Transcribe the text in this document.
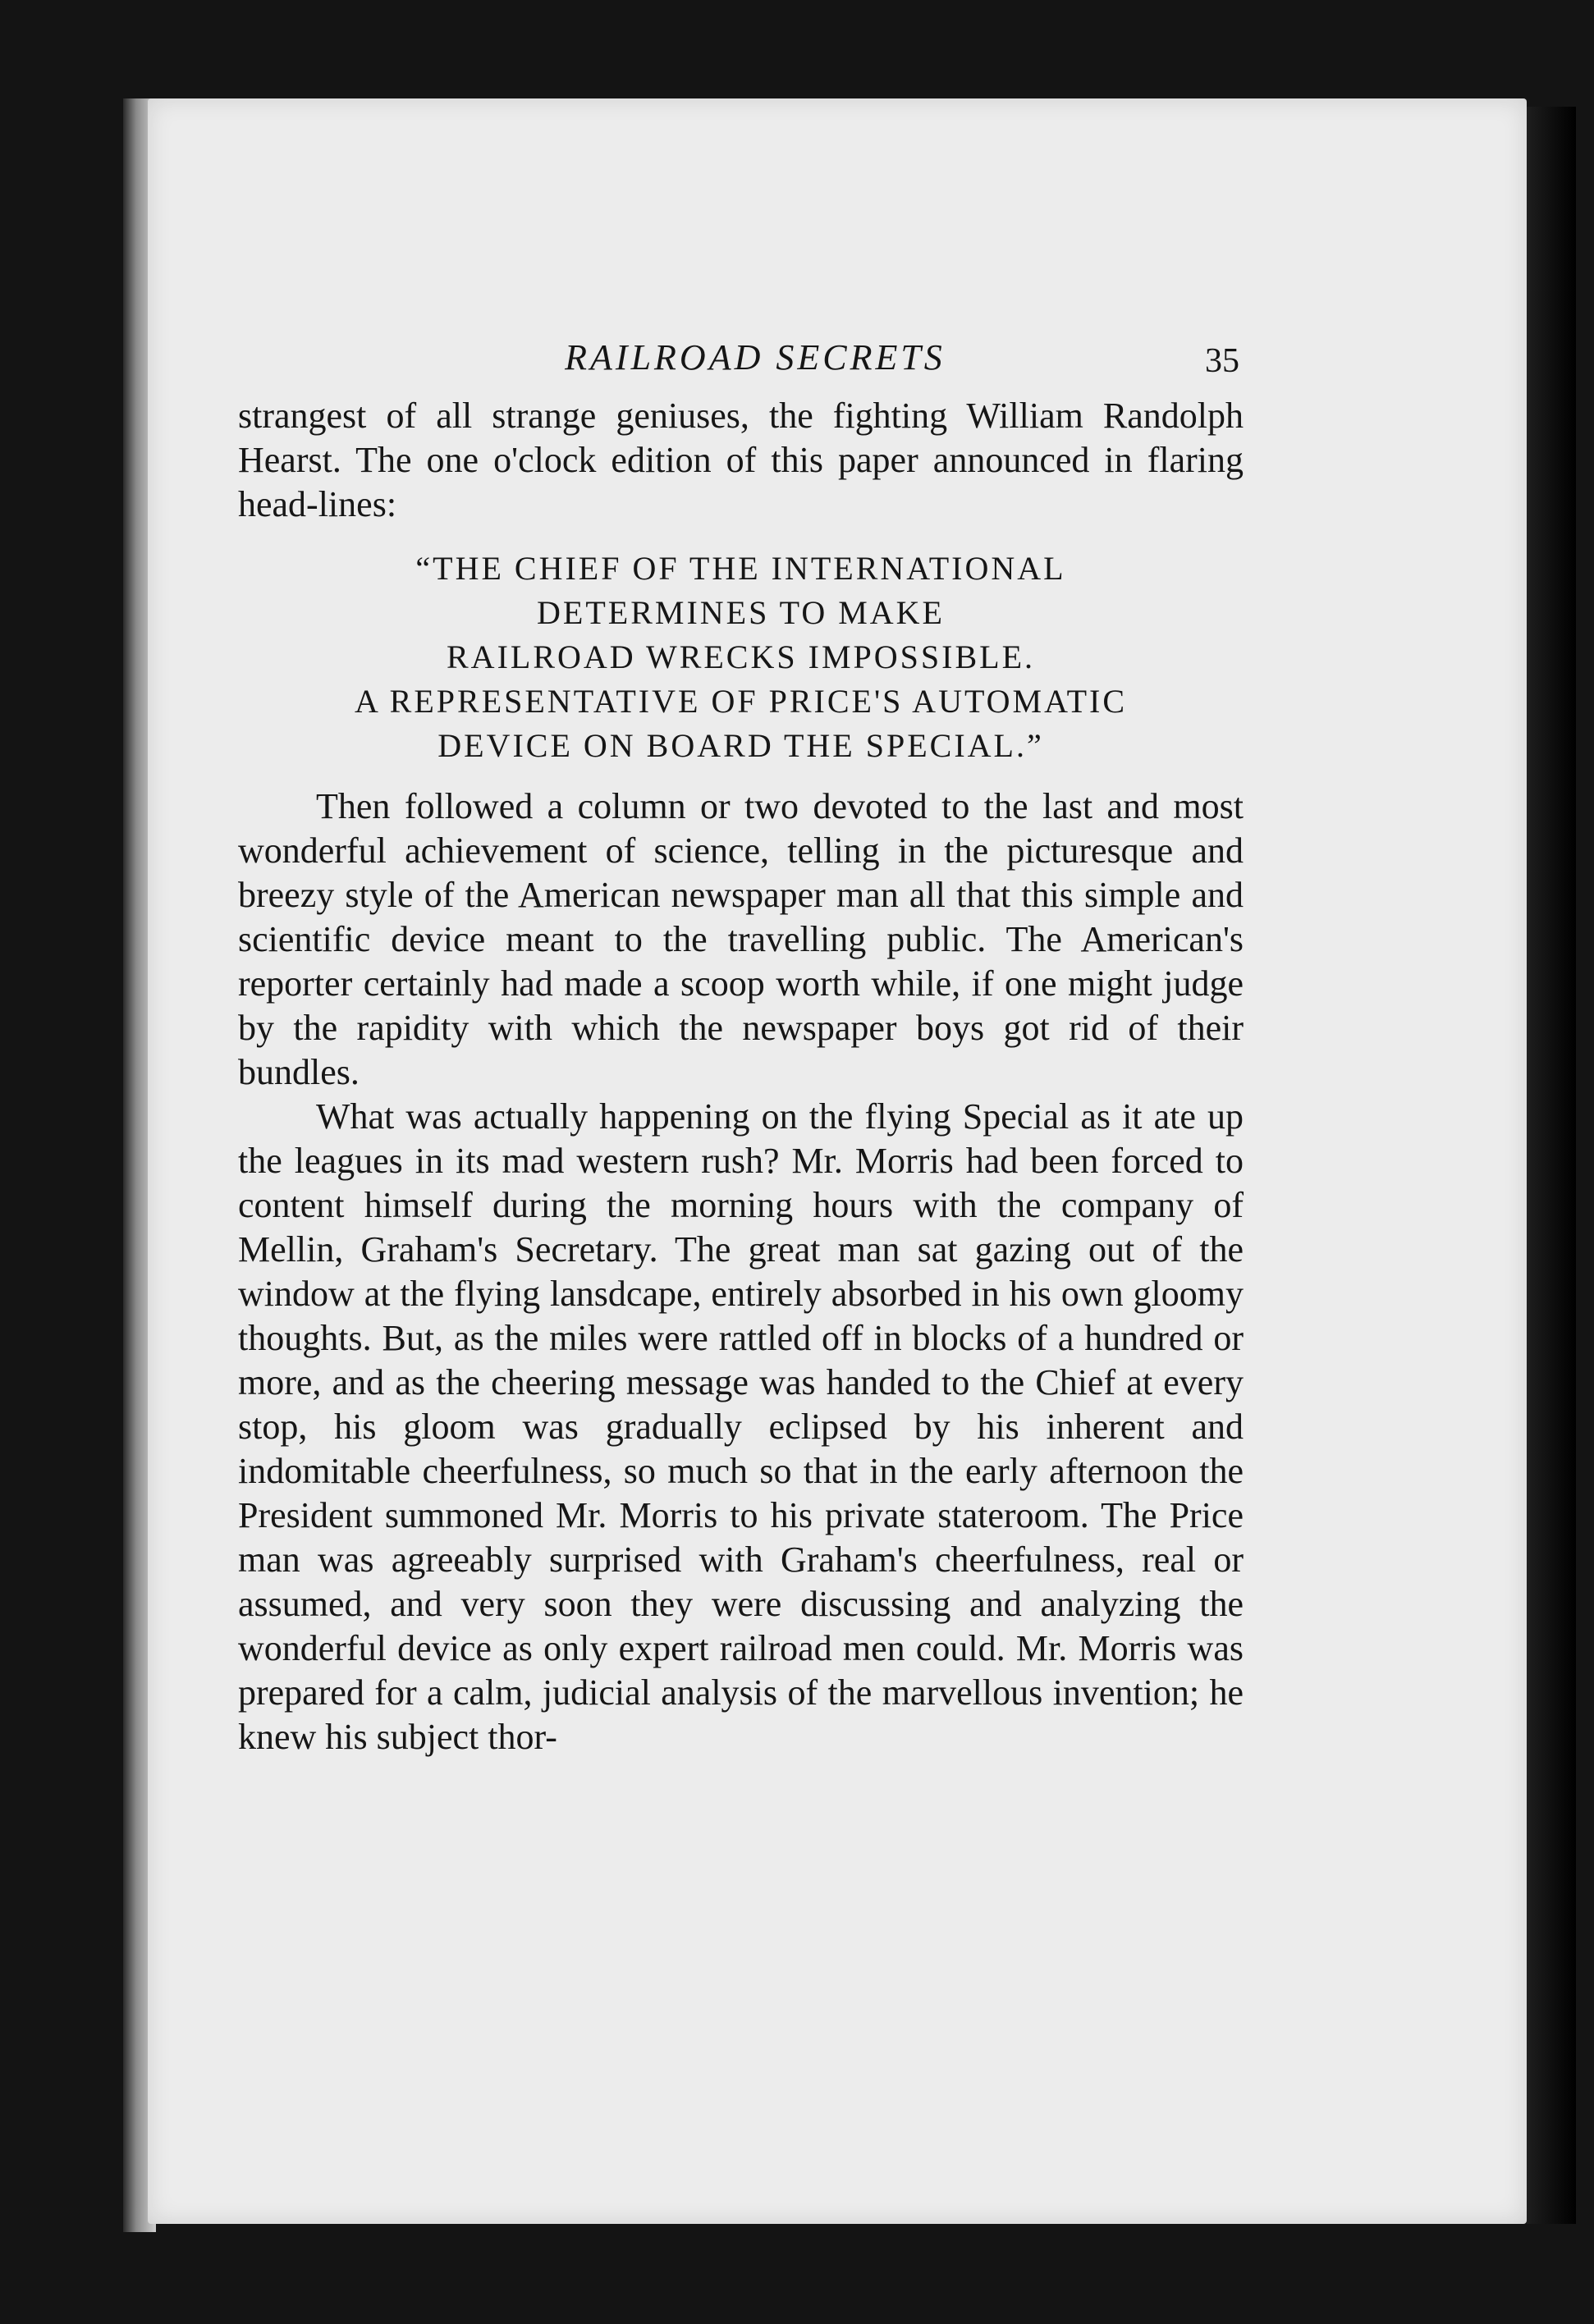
RAILROAD SECRETS	35

strangest of all strange geniuses, the fighting William Randolph Hearst. The one o'clock edition of this paper announced in flaring head-lines:

“THE CHIEF OF THE INTERNATIONAL
DETERMINES TO MAKE
RAILROAD WRECKS IMPOSSIBLE.
A REPRESENTATIVE OF PRICE'S AUTOMATIC
DEVICE ON BOARD THE SPECIAL.”

Then followed a column or two devoted to the last and most wonderful achievement of science, telling in the picturesque and breezy style of the American newspaper man all that this simple and scientific device meant to the travelling public. The American's reporter certainly had made a scoop worth while, if one might judge by the rapidity with which the newspaper boys got rid of their bundles.

What was actually happening on the flying Special as it ate up the leagues in its mad western rush? Mr. Morris had been forced to content himself during the morning hours with the company of Mellin, Graham's Secretary. The great man sat gazing out of the window at the flying lansdcape, entirely absorbed in his own gloomy thoughts. But, as the miles were rattled off in blocks of a hundred or more, and as the cheering message was handed to the Chief at every stop, his gloom was gradually eclipsed by his inherent and indomitable cheerfulness, so much so that in the early afternoon the President summoned Mr. Morris to his private stateroom. The Price man was agreeably surprised with Graham's cheerfulness, real or assumed, and very soon they were discussing and analyzing the wonderful device as only expert railroad men could. Mr. Morris was prepared for a calm, judicial analysis of the marvellous invention; he knew his subject thor-
